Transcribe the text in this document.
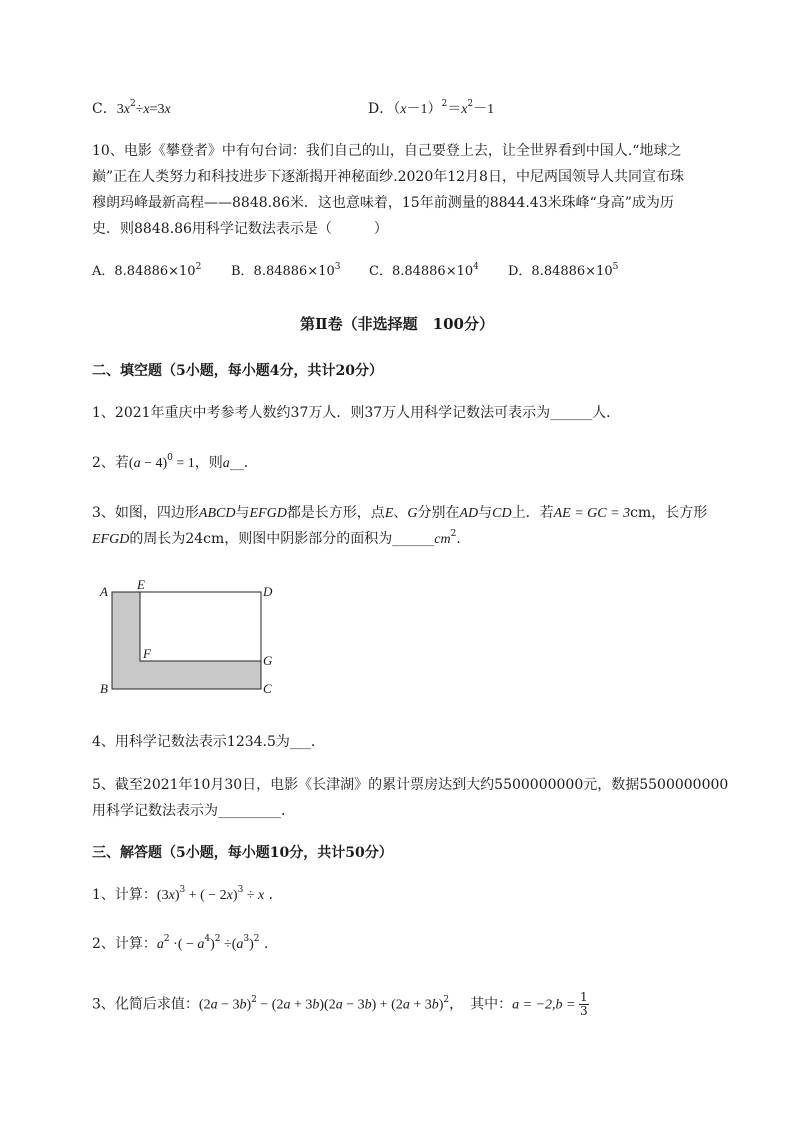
C．$3x^2\div x=3x$	D．$(x-1)^2=x^2-1$
10、电影《攀登者》中有句台词：我们自己的山，自己要登上去，让全世界看到中国人.“地球之
巅”正在人类努力和科技进步下逐渐揭开神秘面纱.2020年12月8日，中尼两国领导人共同宣布珠
穆朗玛峰最新高程——8848.86米．这也意味着，15年前测量的8844.43米珠峰“身高”成为历
史．则8848.86用科学记数法表示是（　　　）
A．$8.84886\times 10^2$ B．$8.84886\times 10^3$ C．$8.84886\times 10^4$ D．$8.84886\times 10^5$
第Ⅱ卷（非选择题　100分）
二、填空题（5小题，每小题4分，共计20分）
1、2021年重庆中考参考人数约37万人．则37万人用科学记数法可表示为______人．
2、若$(a - 4)^0 = 1$，则a__．
3、如图，四边形ABCD与EFGD都是长方形，点E、G分别在AD与CD上．若AE = GC = 3cm，长方形
EFGD的周长为24cm，则图中阴影部分的面积为$\_\_\_\_\_\_cm^2$．
A E	D
F	G
B	C
4、用科学记数法表示1234.5为___．
5、截至2021年10月30日，电影《长津湖》的累计票房达到大约5500000000元，数据5500000000
用科学记数法表示为_________．
三、解答题（5小题，每小题10分，共计50分）
1、计算：$(3x)^3$ + ( − 2x)$^3$ ÷ x ．
2、计算：$a^2$ ·( − $a^4)^2 \div(a^3)^2$ ．
3、化简后求值：$(2a - 3b)^2 - (2a + 3b)(2a - 3b) + (2a + 3b)^2$，　其中：$a = -2,b = \frac{1}{3}$
